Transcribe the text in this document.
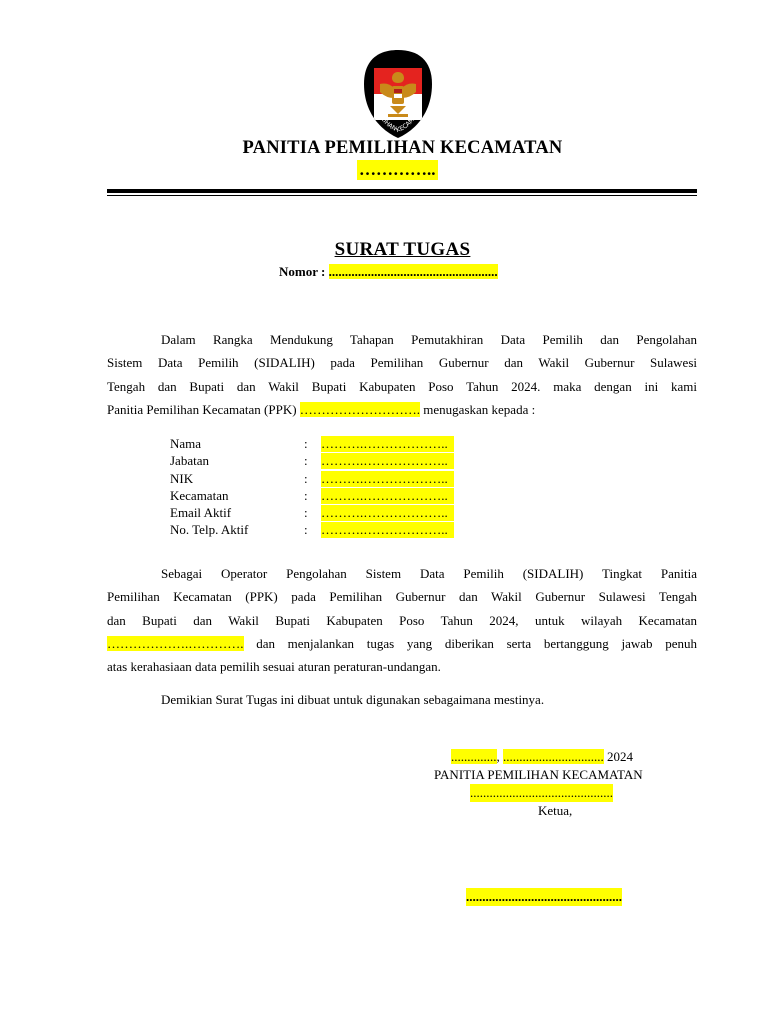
PEMILIHAN KECAMATAN
PANITIA PEMILIHAN KECAMATAN
…………..
SURAT TUGAS
Nomor : ....................................................

Dalam Rangka Mendukung Tahapan Pemutakhiran Data Pemilih dan Pengolahan

Sistem Data Pemilih (SIDALIH) pada Pemilihan Gubernur dan Wakil Gubernur Sulawesi

Tengah dan Bupati dan Wakil Bupati Kabupaten Poso Tahun 2024. maka dengan ini kami

Panitia Pemilihan Kecamatan (PPK) ………………………. menugaskan kepada :

Nama	: ……….………………..
Jabatan	: ……….………………..
NIK	: ……….………………..
Kecamatan	: ……….………………..
Email Aktif	: ……….………………..
No. Telp. Aktif	: ……….………………..

Sebagai Operator Pengolahan Sistem Data Pemilih (SIDALIH) Tingkat Panitia

Pemilihan Kecamatan (PPK) pada Pemilihan Gubernur dan Wakil Gubernur Sulawesi Tengah

dan Bupati dan Wakil Bupati Kabupaten Poso Tahun 2024, untuk wilayah Kecamatan

……………….…………. dan menjalankan tugas yang diberikan serta bertanggung jawab penuh

atas kerahasiaan data pemilih sesuai aturan peraturan-undangan.

Demikian Surat Tugas ini dibuat untuk digunakan sebagaimana mestinya.
.............., ............................... 2024
PANITIA PEMILIHAN KECAMATAN
............................................
Ketua,
................................................
